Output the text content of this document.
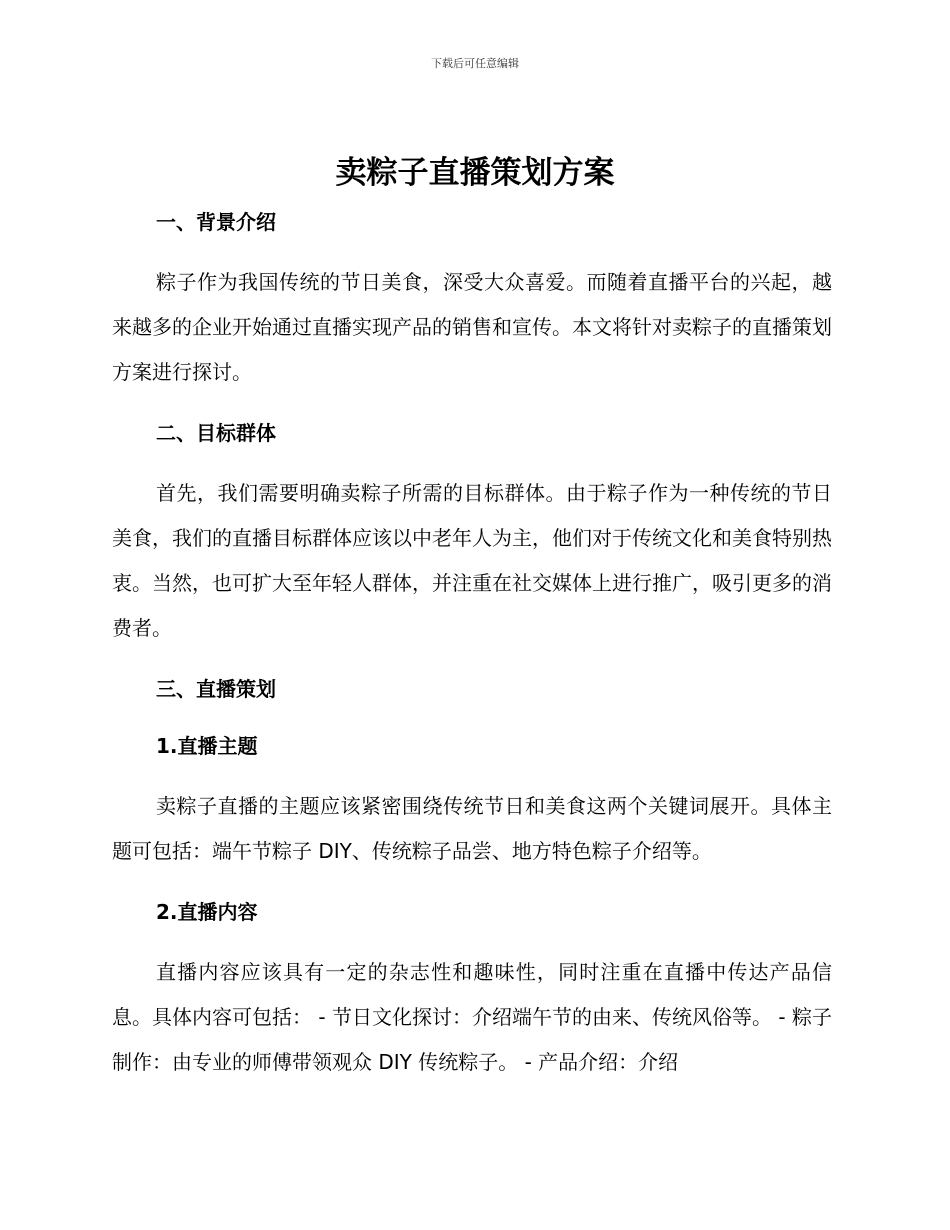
下载后可任意编辑
卖粽子直播策划方案

一、背景介绍

粽子作为我国传统的节日美食，深受大众喜爱。而随着直播平台的兴起，越来越多的企业开始通过直播实现产品的销售和宣传。本文将针对卖粽子的直播策划方案进行探讨。

二、目标群体

首先，我们需要明确卖粽子所需的目标群体。由于粽子作为一种传统的节日美食，我们的直播目标群体应该以中老年人为主，他们对于传统文化和美食特别热衷。当然，也可扩大至年轻人群体，并注重在社交媒体上进行推广，吸引更多的消费者。

三、直播策划

1.直播主题

卖粽子直播的主题应该紧密围绕传统节日和美食这两个关键词展开。具体主题可包括：端午节粽子 DIY、传统粽子品尝、地方特色粽子介绍等。

2.直播内容

直播内容应该具有一定的杂志性和趣味性，同时注重在直播中传达产品信息。具体内容可包括： - 节日文化探讨：介绍端午节的由来、传统风俗等。 - 粽子制作：由专业的师傅带领观众 DIY 传统粽子。 - 产品介绍：介绍
